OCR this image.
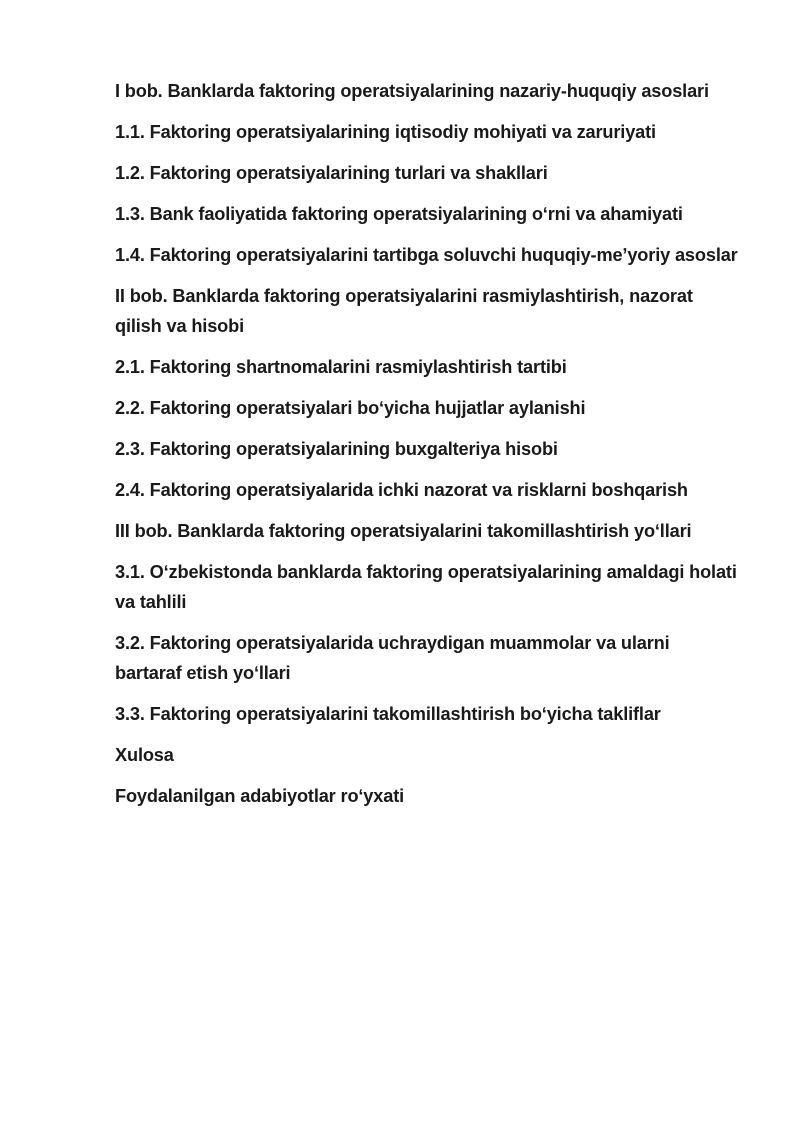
I bob. Banklarda faktoring operatsiyalarining nazariy-huquqiy asoslari
1.1. Faktoring operatsiyalarining iqtisodiy mohiyati va zaruriyati
1.2. Faktoring operatsiyalarining turlari va shakllari
1.3. Bank faoliyatida faktoring operatsiyalarining oʻrni va ahamiyati
1.4. Faktoring operatsiyalarini tartibga soluvchi huquqiy-meʼyoriy asoslar
II bob. Banklarda faktoring operatsiyalarini rasmiylashtirish, nazorat qilish va hisobi
2.1. Faktoring shartnomalarini rasmiylashtirish tartibi
2.2. Faktoring operatsiyalari boʻyicha hujjatlar aylanishi
2.3. Faktoring operatsiyalarining buxgalteriya hisobi
2.4. Faktoring operatsiyalarida ichki nazorat va risklarni boshqarish
III bob. Banklarda faktoring operatsiyalarini takomillashtirish yoʻllari
3.1. Oʻzbekistonda banklarda faktoring operatsiyalarining amaldagi holati va tahlili
3.2. Faktoring operatsiyalarida uchraydigan muammolar va ularni bartaraf etish yoʻllari
3.3. Faktoring operatsiyalarini takomillashtirish boʻyicha takliflar
Xulosa
Foydalanilgan adabiyotlar roʻyxati
